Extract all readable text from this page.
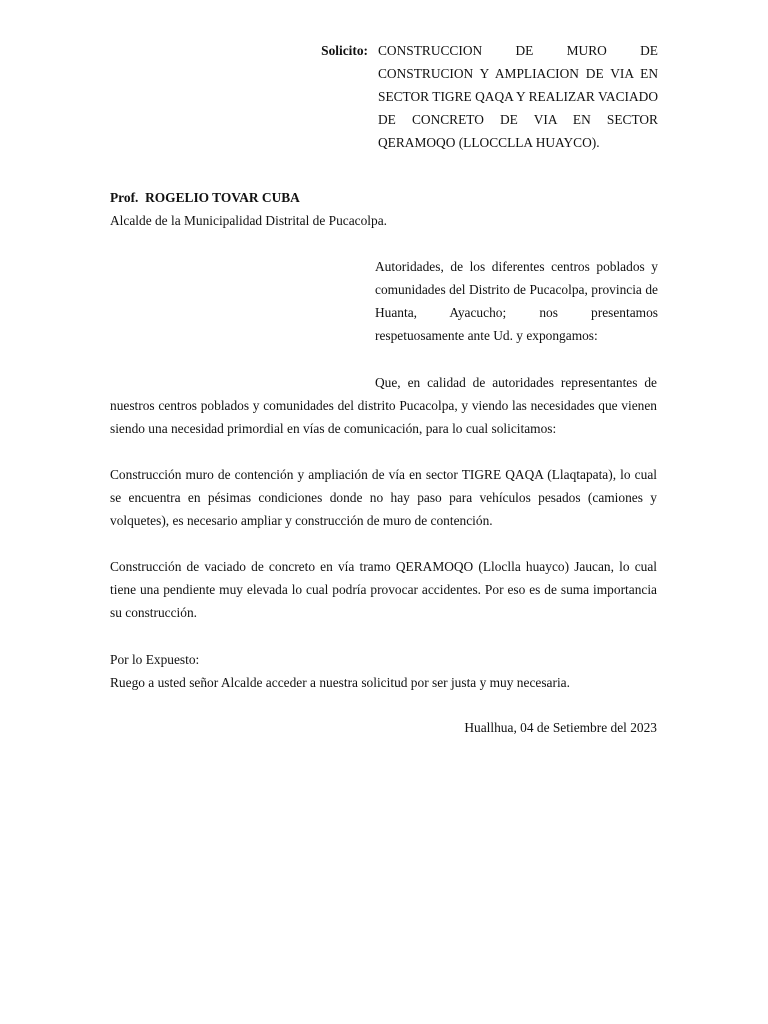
Solicito: CONSTRUCCION DE MURO DE CONSTRUCION Y AMPLIACION DE VIA EN SECTOR TIGRE QAQA Y REALIZAR VACIADO DE CONCRETO DE VIA EN SECTOR QERAMOQO (LLOCCLLA HUAYCO).
Prof.  ROGELIO TOVAR CUBA
Alcalde de la Municipalidad Distrital de Pucacolpa.
Autoridades, de los diferentes centros poblados y comunidades del Distrito de Pucacolpa, provincia de Huanta, Ayacucho; nos presentamos respetuosamente ante Ud. y expongamos:
Que, en calidad de autoridades representantes de nuestros centros poblados y comunidades del distrito Pucacolpa, y viendo las necesidades que vienen siendo una necesidad primordial en vías de comunicación, para lo cual solicitamos:
Construcción muro de contención y ampliación de vía en sector TIGRE QAQA (Llaqtapata), lo cual se encuentra en pésimas condiciones donde no hay paso para vehículos pesados (camiones y volquetes), es necesario ampliar y construcción de muro de contención.
Construcción de vaciado de concreto en vía tramo QERAMOQO (Lloclla huayco) Jaucan, lo cual tiene una pendiente muy elevada lo cual podría provocar accidentes. Por eso es de suma importancia su construcción.
Por lo Expuesto:
Ruego a usted señor Alcalde acceder a nuestra solicitud por ser justa y muy necesaria.
Huallhua, 04 de Setiembre del 2023
